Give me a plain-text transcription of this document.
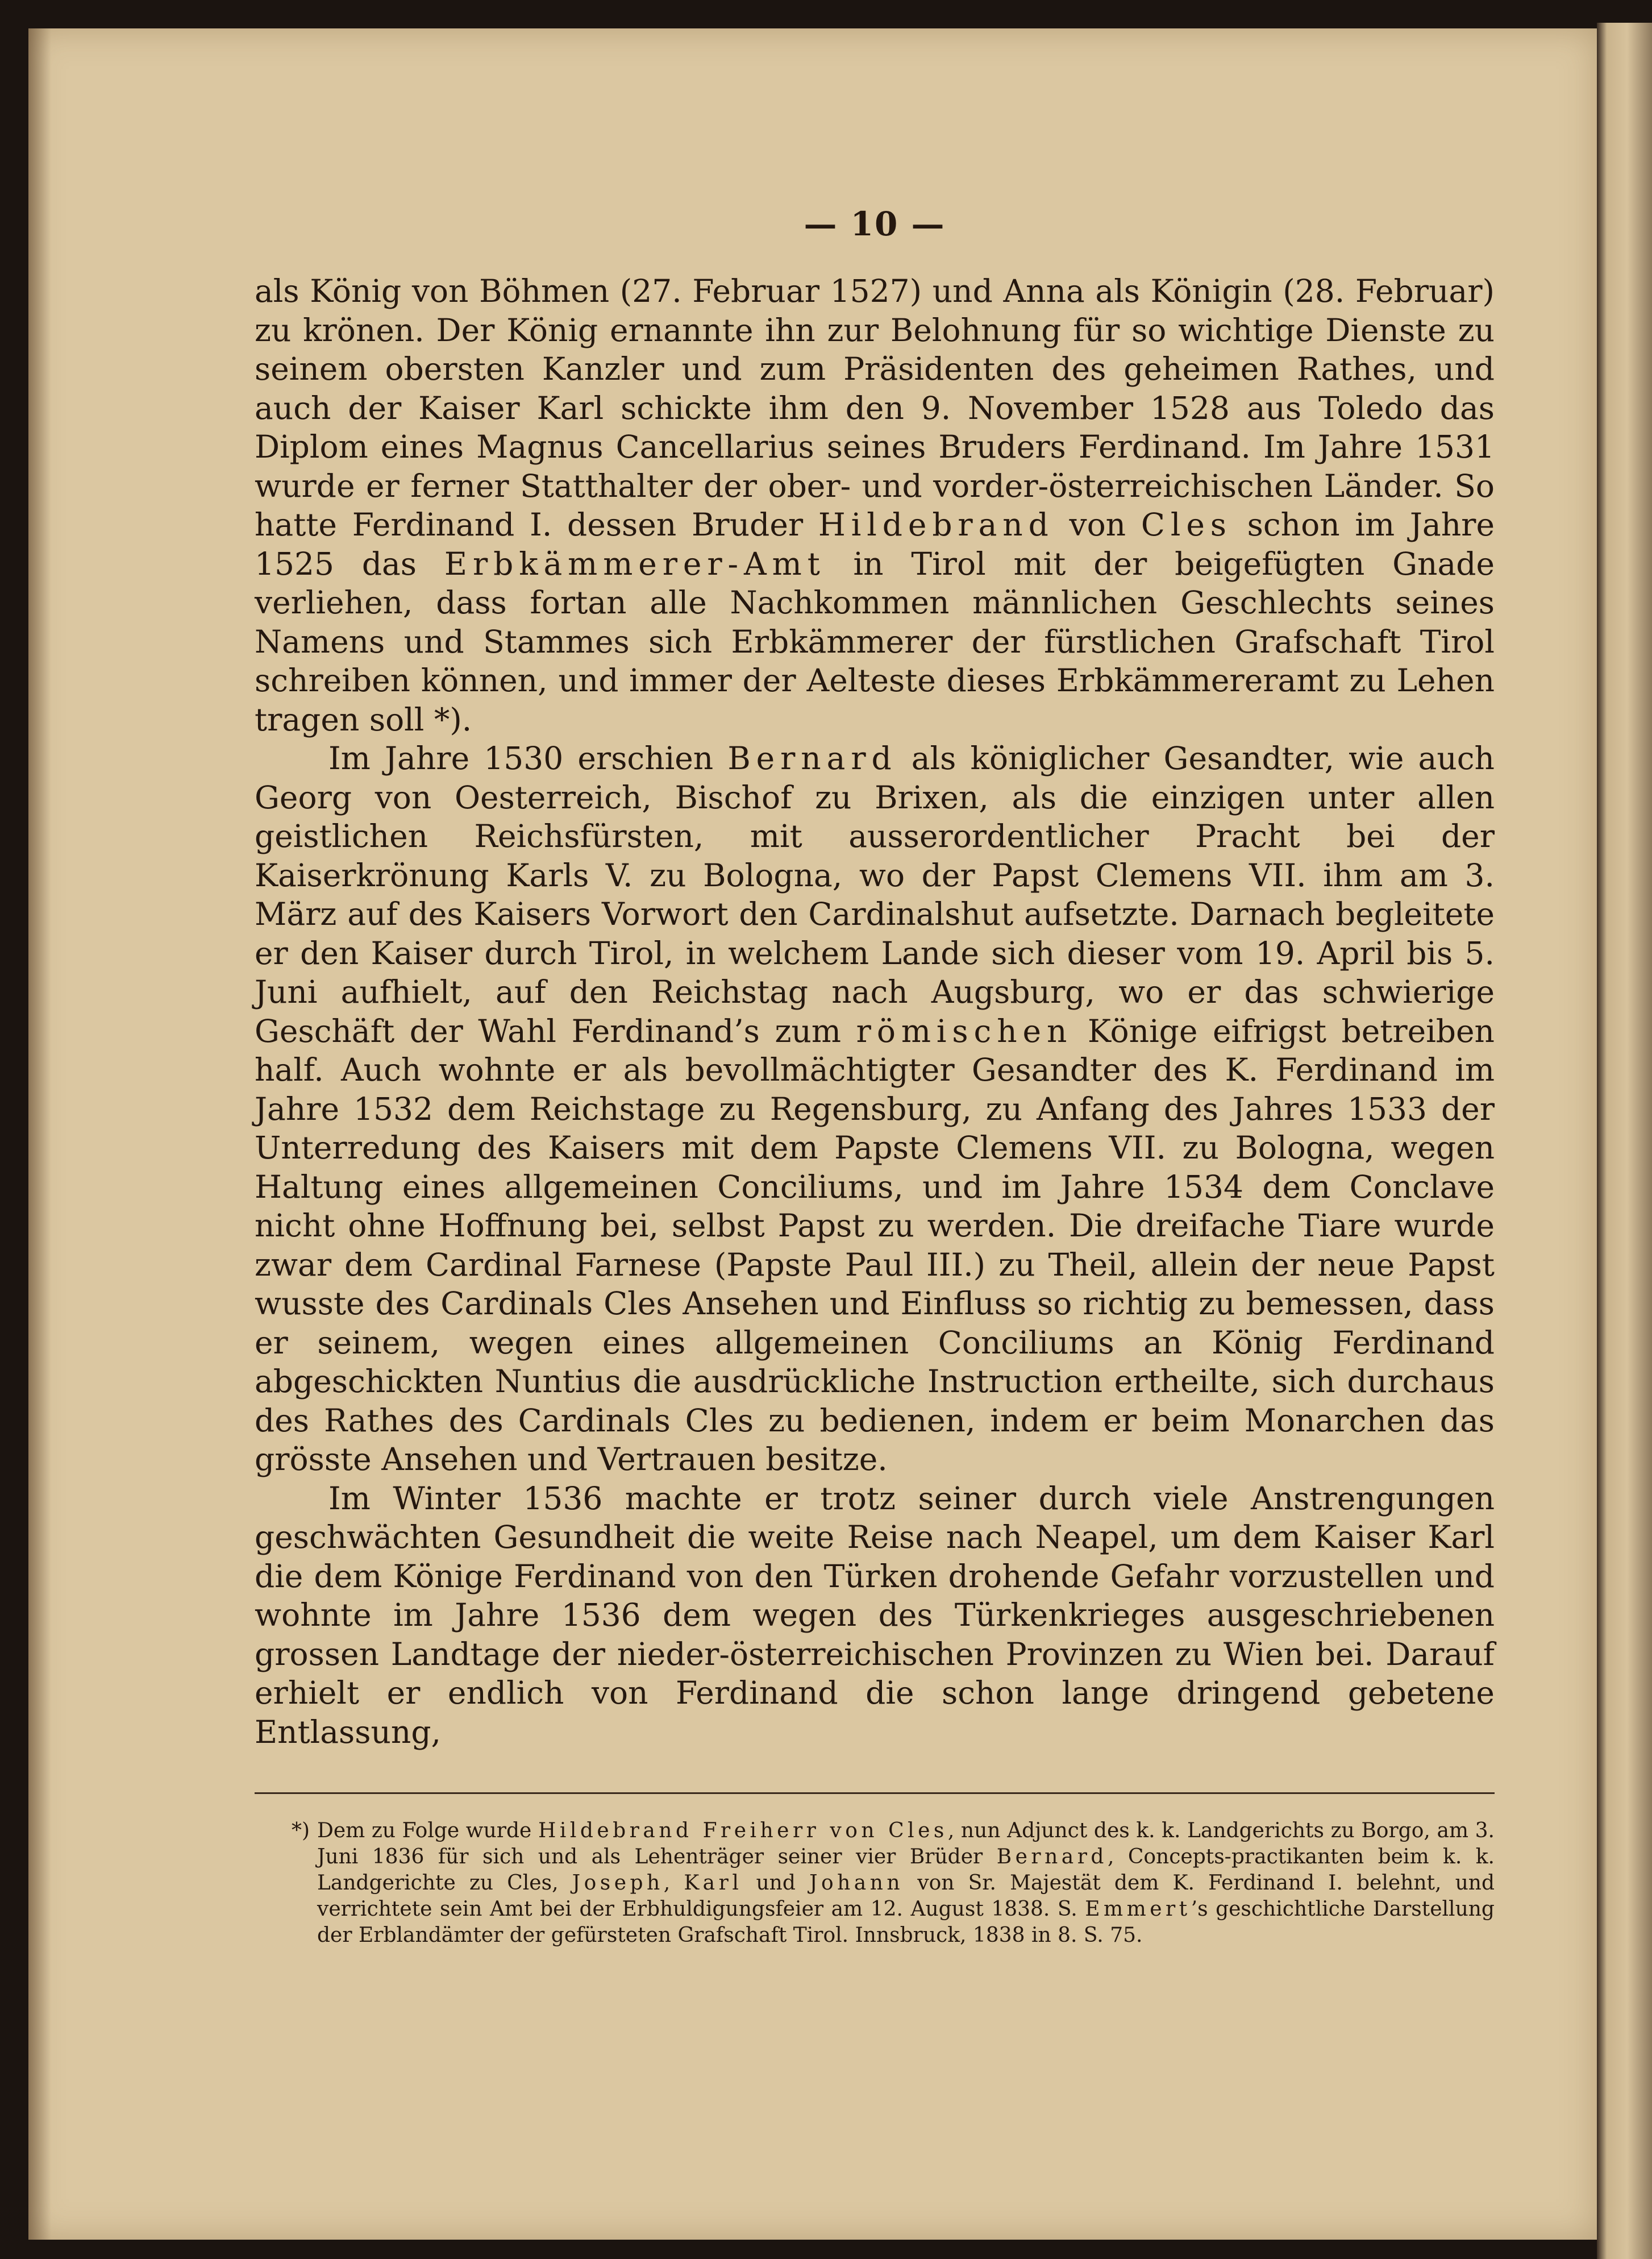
— 10 —

als König von Böhmen (27. Februar 1527) und Anna als Königin (28. Februar) zu krönen. Der König ernannte ihn zur Belohnung für so wichtige Dienste zu seinem obersten Kanzler und zum Präsidenten des geheimen Rathes, und auch der Kaiser Karl schickte ihm den 9. November 1528 aus Toledo das Diplom eines Magnus Cancellarius seines Bruders Ferdinand. Im Jahre 1531 wurde er ferner Statthalter der ober- und vorder-österreichischen Länder. So hatte Ferdinand I. dessen Bruder Hildebrand von Cles schon im Jahre 1525 das Erbkämmerer-Amt in Tirol mit der beigefügten Gnade verliehen, dass fortan alle Nachkommen männlichen Geschlechts seines Namens und Stammes sich Erbkämmerer der fürstlichen Grafschaft Tirol schreiben können, und immer der Aelteste dieses Erbkämmereramt zu Lehen tragen soll *).

Im Jahre 1530 erschien Bernard als königlicher Gesandter, wie auch Georg von Oesterreich, Bischof zu Brixen, als die einzigen unter allen geistlichen Reichsfürsten, mit ausserordentlicher Pracht bei der Kaiserkrönung Karls V. zu Bologna, wo der Papst Clemens VII. ihm am 3. März auf des Kaisers Vorwort den Cardinalshut aufsetzte. Darnach begleitete er den Kaiser durch Tirol, in welchem Lande sich dieser vom 19. April bis 5. Juni aufhielt, auf den Reichstag nach Augsburg, wo er das schwierige Geschäft der Wahl Ferdinand’s zum römischen Könige eifrigst betreiben half. Auch wohnte er als bevollmächtigter Gesandter des K. Ferdinand im Jahre 1532 dem Reichstage zu Regensburg, zu Anfang des Jahres 1533 der Unterredung des Kaisers mit dem Papste Clemens VII. zu Bologna, wegen Haltung eines allgemeinen Conciliums, und im Jahre 1534 dem Conclave nicht ohne Hoffnung bei, selbst Papst zu werden. Die dreifache Tiare wurde zwar dem Cardinal Farnese (Papste Paul III.) zu Theil, allein der neue Papst wusste des Cardinals Cles Ansehen und Einfluss so richtig zu bemessen, dass er seinem, wegen eines allgemeinen Conciliums an König Ferdinand abgeschickten Nuntius die ausdrückliche Instruction ertheilte, sich durchaus des Rathes des Cardinals Cles zu bedienen, indem er beim Monarchen das grösste Ansehen und Vertrauen besitze.

Im Winter 1536 machte er trotz seiner durch viele Anstrengungen geschwächten Gesundheit die weite Reise nach Neapel, um dem Kaiser Karl die dem Könige Ferdinand von den Türken drohende Gefahr vorzustellen und wohnte im Jahre 1536 dem wegen des Türkenkrieges ausgeschriebenen grossen Landtage der nieder-österreichischen Provinzen zu Wien bei. Darauf erhielt er endlich von Ferdinand die schon lange dringend gebetene Entlassung,

*) Dem zu Folge wurde Hildebrand Freiherr von Cles, nun Adjunct des k. k. Landgerichts zu Borgo, am 3. Juni 1836 für sich und als Lehenträger seiner vier Brüder Bernard, Concepts-practikanten beim k. k. Landgerichte zu Cles, Joseph, Karl und Johann von Sr. Majestät dem K. Ferdinand I. belehnt, und verrichtete sein Amt bei der Erbhuldigungsfeier am 12. August 1838. S. Emmert’s geschichtliche Darstellung der Erblandämter der gefürsteten Grafschaft Tirol. Innsbruck, 1838 in 8. S. 75.
